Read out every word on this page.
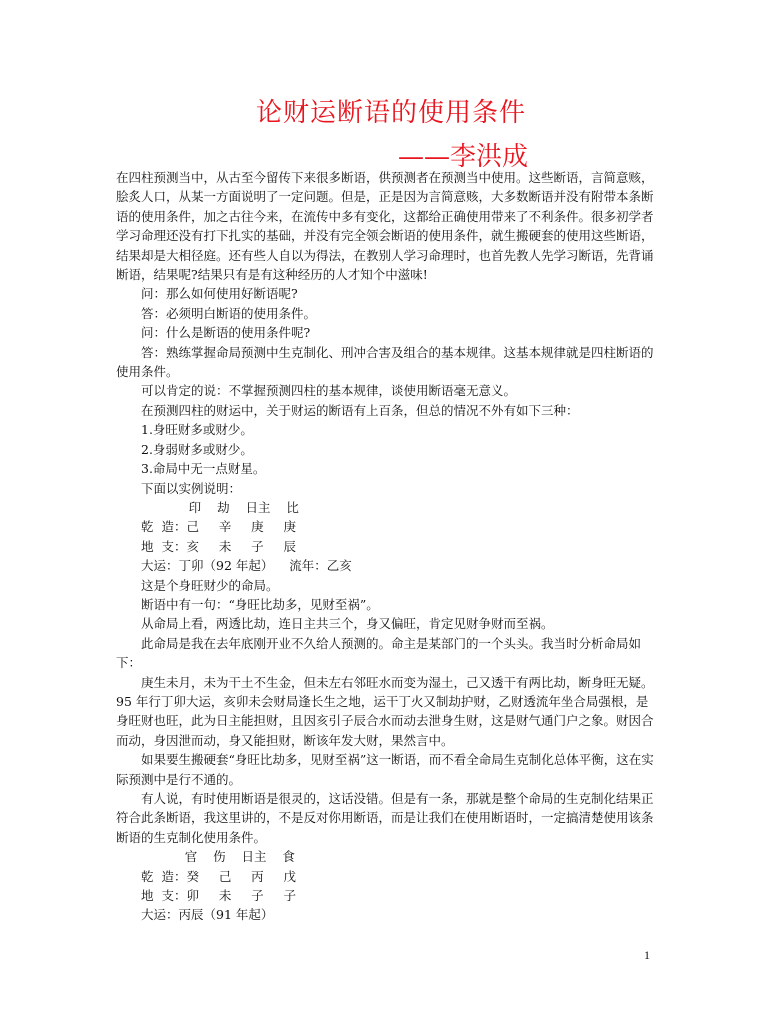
论财运断语的使用条件
——李洪成

在四柱预测当中，从古至今留传下来很多断语，供预测者在预测当中使用。这些断语，言简意赅，脍炙人口，从某一方面说明了一定问题。但是，正是因为言简意赅，大多数断语并没有附带本条断语的使用条件，加之古往今来，在流传中多有变化，这都给正确使用带来了不利条件。很多初学者学习命理还没有打下扎实的基础，并没有完全领会断语的使用条件，就生搬硬套的使用这些断语，结果却是大相径庭。还有些人自以为得法，在教别人学习命理时，也首先教人先学习断语，先背诵断语，结果呢?结果只有是有这种经历的人才知个中滋味!

问：那么如何使用好断语呢?

答：必须明白断语的使用条件。

问：什么是断语的使用条件呢?

答：熟练掌握命局预测中生克制化、刑冲合害及组合的基本规律。这基本规律就是四柱断语的使用条件。

可以肯定的说：不掌握预测四柱的基本规律，谈使用断语毫无意义。

在预测四柱的财运中，关于财运的断语有上百条，但总的情况不外有如下三种：

1.身旺财多或财少。

2.身弱财多或财少。

3.命局中无一点财星。

下面以实例说明：

印    劫    日主    比

乾  造：己     辛     庚     庚

地  支：亥     未     子     辰

大运：丁卯（92 年起）    流年：乙亥

这是个身旺财少的命局。

断语中有一句：“身旺比劫多，见财至祸”。

从命局上看，两透比劫，连日主共三个，身又偏旺，肯定见财争财而至祸。

此命局是我在去年底刚开业不久给人预测的。命主是某部门的一个头头。我当时分析命局如下：

庚生未月，未为干土不生金，但未左右邻旺水而变为湿土，己又透干有两比劫，断身旺无疑。95 年行丁卯大运，亥卯未会财局逢长生之地，运干丁火又制劫护财，乙财透流年坐合局强根，是身旺财也旺，此为日主能担财，且因亥引子辰合水而动去泄身生财，这是财气通门户之象。财因合而动，身因泄而动，身又能担财，断该年发大财，果然言中。

如果要生搬硬套“身旺比劫多，见财至祸”这一断语，而不看全命局生克制化总体平衡，这在实际预测中是行不通的。

有人说，有时使用断语是很灵的，这话没错。但是有一条，那就是整个命局的生克制化结果正符合此条断语，我这里讲的，不是反对你用断语，而是让我们在使用断语时，一定搞清楚使用该条断语的生克制化使用条件。

官    伤    日主    食

乾  造：癸     己     丙     戊

地  支：卯     未     子     子

大运：丙辰（91 年起）

1
